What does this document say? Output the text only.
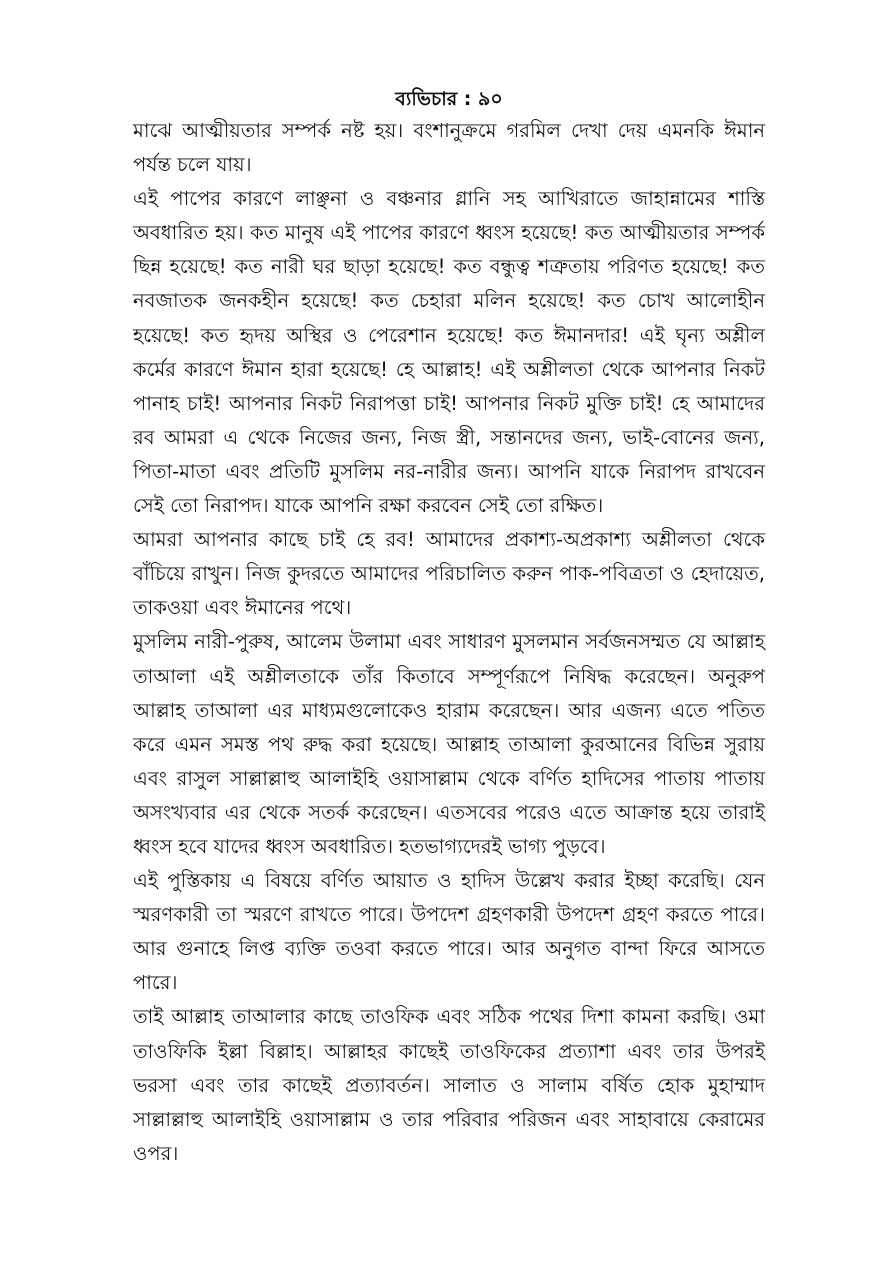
ব্যভিচার : ৯০

মাঝে আত্মীয়তার সম্পর্ক নষ্ট হয়। বংশানুক্রমে গরমিল দেখা দেয় এমনকি ঈমান পর্যন্ত চলে যায়।

এই পাপের কারণে লাঞ্ছনা ও বঞ্চনার গ্লানি সহ আখিরাতে জাহান্নামের শাস্তি অবধারিত হয়। কত মানুষ এই পাপের কারণে ধ্বংস হয়েছে! কত আত্মীয়তার সম্পর্ক ছিন্ন হয়েছে! কত নারী ঘর ছাড়া হয়েছে! কত বন্ধুত্ব শত্রুতায় পরিণত হয়েছে! কত নবজাতক জনকহীন হয়েছে! কত চেহারা মলিন হয়েছে! কত চোখ আলোহীন হয়েছে! কত হৃদয় অস্থির ও পেরেশান হয়েছে! কত ঈমানদার! এই ঘৃন্য অশ্লীল কর্মের কারণে ঈমান হারা হয়েছে! হে আল্লাহ! এই অশ্লীলতা থেকে আপনার নিকট পানাহ চাই! আপনার নিকট নিরাপত্তা চাই! আপনার নিকট মুক্তি চাই! হে আমাদের রব আমরা এ থেকে নিজের জন্য, নিজ স্ত্রী, সন্তানদের জন্য, ভাই-বোনের জন্য, পিতা-মাতা এবং প্রতিটি মুসলিম নর-নারীর জন্য। আপনি যাকে নিরাপদ রাখবেন সেই তো নিরাপদ। যাকে আপনি রক্ষা করবেন সেই তো রক্ষিত।

আমরা আপনার কাছে চাই হে রব! আমাদের প্রকাশ্য-অপ্রকাশ্য অশ্লীলতা থেকে বাঁচিয়ে রাখুন। নিজ কুদরতে আমাদের পরিচালিত করুন পাক-পবিত্রতা ও হেদায়েত, তাকওয়া এবং ঈমানের পথে।

মুসলিম নারী-পুরুষ, আলেম উলামা এবং সাধারণ মুসলমান সর্বজনসম্মত যে আল্লাহ তাআলা এই অশ্লীলতাকে তাঁর কিতাবে সম্পূর্ণরূপে নিষিদ্ধ করেছেন। অনুরুপ আল্লাহ তাআলা এর মাধ্যমগুলোকেও হারাম করেছেন। আর এজন্য এতে পতিত করে এমন সমস্ত পথ রুদ্ধ করা হয়েছে। আল্লাহ তাআলা কুরআনের বিভিন্ন সুরায় এবং রাসুল সাল্লাল্লাহু আলাইহি ওয়াসাল্লাম থেকে বর্ণিত হাদিসের পাতায় পাতায় অসংখ্যবার এর থেকে সতর্ক করেছেন। এতসবের পরেও এতে আক্রান্ত হয়ে তারাই ধ্বংস হবে যাদের ধ্বংস অবধারিত। হতভাগ্যদেরই ভাগ্য পুড়বে।

এই পুস্তিকায় এ বিষয়ে বর্ণিত আয়াত ও হাদিস উল্লেখ করার ইচ্ছা করেছি। যেন স্মরণকারী তা স্মরণে রাখতে পারে। উপদেশ গ্রহণকারী উপদেশ গ্রহণ করতে পারে। আর গুনাহে লিপ্ত ব্যক্তি তওবা করতে পারে। আর অনুগত বান্দা ফিরে আসতে পারে।

তাই আল্লাহ তাআলার কাছে তাওফিক এবং সঠিক পথের দিশা কামনা করছি। ওমা তাওফিকি ইল্লা বিল্লাহ। আল্লাহর কাছেই তাওফিকের প্রত্যাশা এবং তার উপরই ভরসা এবং তার কাছেই প্রত্যাবর্তন। সালাত ও সালাম বর্ষিত হোক মুহাম্মাদ সাল্লাল্লাহু আলাইহি ওয়াসাল্লাম ও তার পরিবার পরিজন এবং সাহাবায়ে কেরামের ওপর।
